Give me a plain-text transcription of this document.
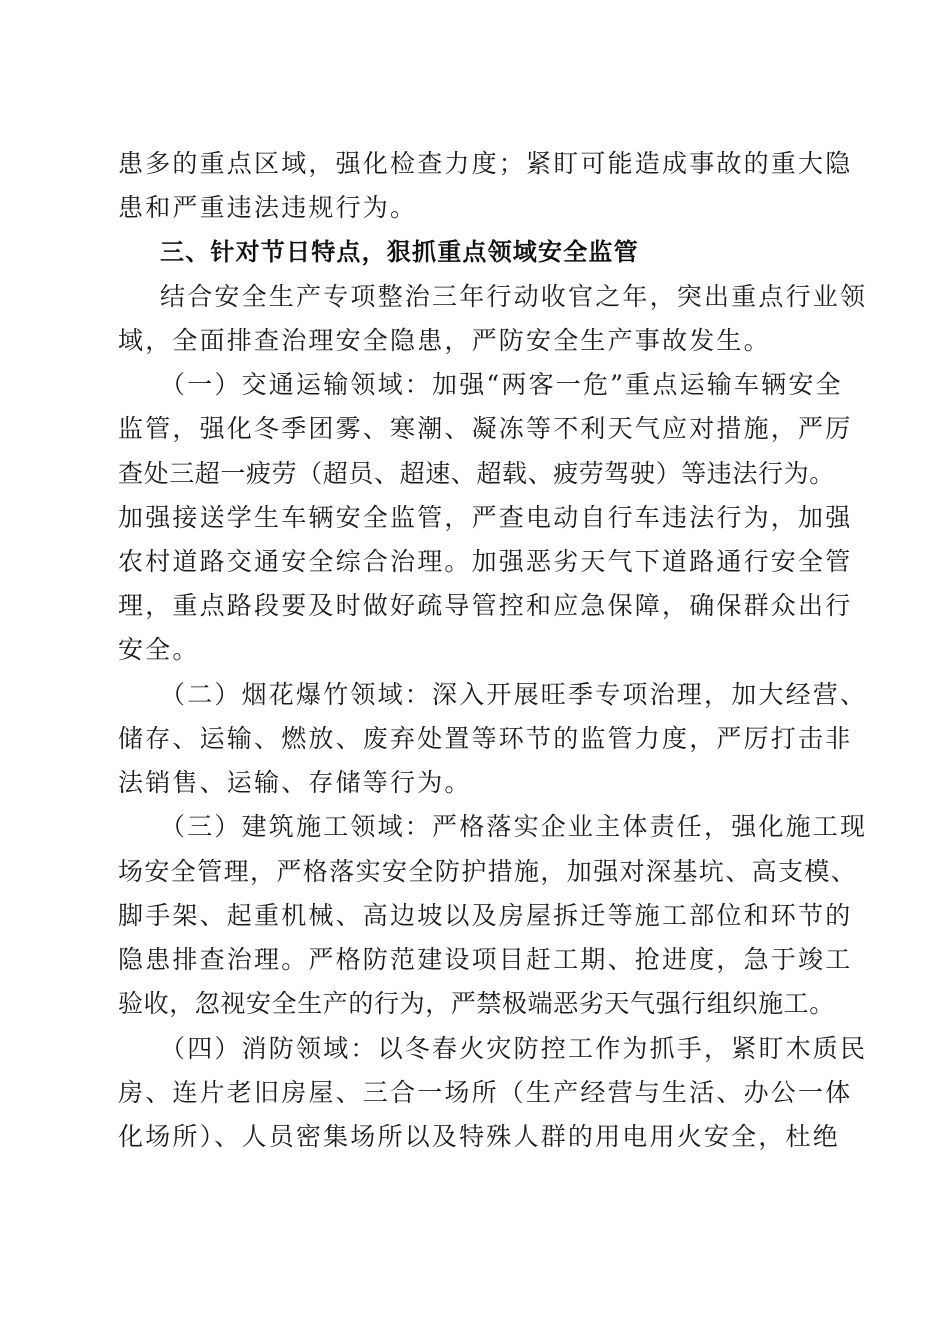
患多的重点区域，强化检查力度；紧盯可能造成事故的重大隐

患和严重违法违规行为。

三、针对节日特点，狠抓重点领域安全监管

结合安全生产专项整治三年行动收官之年，突出重点行业领

域，全面排查治理安全隐患，严防安全生产事故发生。

（一）交通运输领域：加强“两客一危”重点运输车辆安全

监管，强化冬季团雾、寒潮、凝冻等不利天气应对措施，严厉

查处三超一疲劳（超员、超速、超载、疲劳驾驶）等违法行为。

加强接送学生车辆安全监管，严查电动自行车违法行为，加强

农村道路交通安全综合治理。加强恶劣天气下道路通行安全管

理，重点路段要及时做好疏导管控和应急保障，确保群众出行

安全。

（二）烟花爆竹领域：深入开展旺季专项治理，加大经营、

储存、运输、燃放、废弃处置等环节的监管力度，严厉打击非

法销售、运输、存储等行为。

（三）建筑施工领域：严格落实企业主体责任，强化施工现

场安全管理，严格落实安全防护措施，加强对深基坑、高支模、

脚手架、起重机械、高边坡以及房屋拆迁等施工部位和环节的

隐患排查治理。严格防范建设项目赶工期、抢进度，急于竣工

验收，忽视安全生产的行为，严禁极端恶劣天气强行组织施工。

（四）消防领域：以冬春火灾防控工作为抓手，紧盯木质民

房、连片老旧房屋、三合一场所（生产经营与生活、办公一体

化场所）、人员密集场所以及特殊人群的用电用火安全，杜绝
